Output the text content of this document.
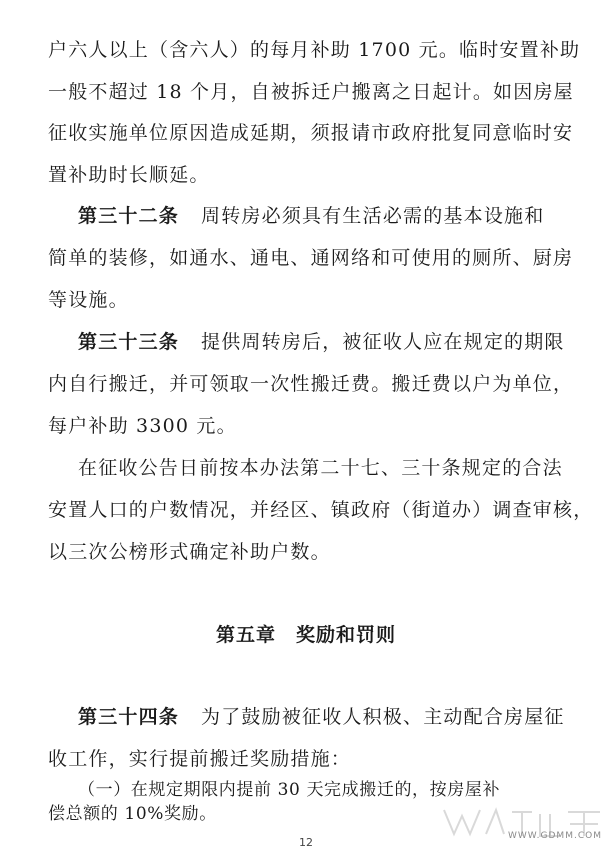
户六人以上（含六人）的每月补助 1700 元。临时安置补助
一般不超过 18 个月，自被拆迁户搬离之日起计。如因房屋
征收实施单位原因造成延期，须报请市政府批复同意临时安
置补助时长顺延。
第三十二条 周转房必须具有生活必需的基本设施和
简单的装修，如通水、通电、通网络和可使用的厕所、厨房
等设施。
第三十三条 提供周转房后，被征收人应在规定的期限
内自行搬迁，并可领取一次性搬迁费。搬迁费以户为单位，
每户补助 3300 元。
在征收公告日前按本办法第二十七、三十条规定的合法
安置人口的户数情况，并经区、镇政府（街道办）调查审核，
以三次公榜形式确定补助户数。
第五章　奖励和罚则
第三十四条 为了鼓励被征收人积极、主动配合房屋征
收工作，实行提前搬迁奖励措施：
（一）在规定期限内提前 30 天完成搬迁的，按房屋补
偿总额的 10%奖励。
WWW.GDMM.COM
12
